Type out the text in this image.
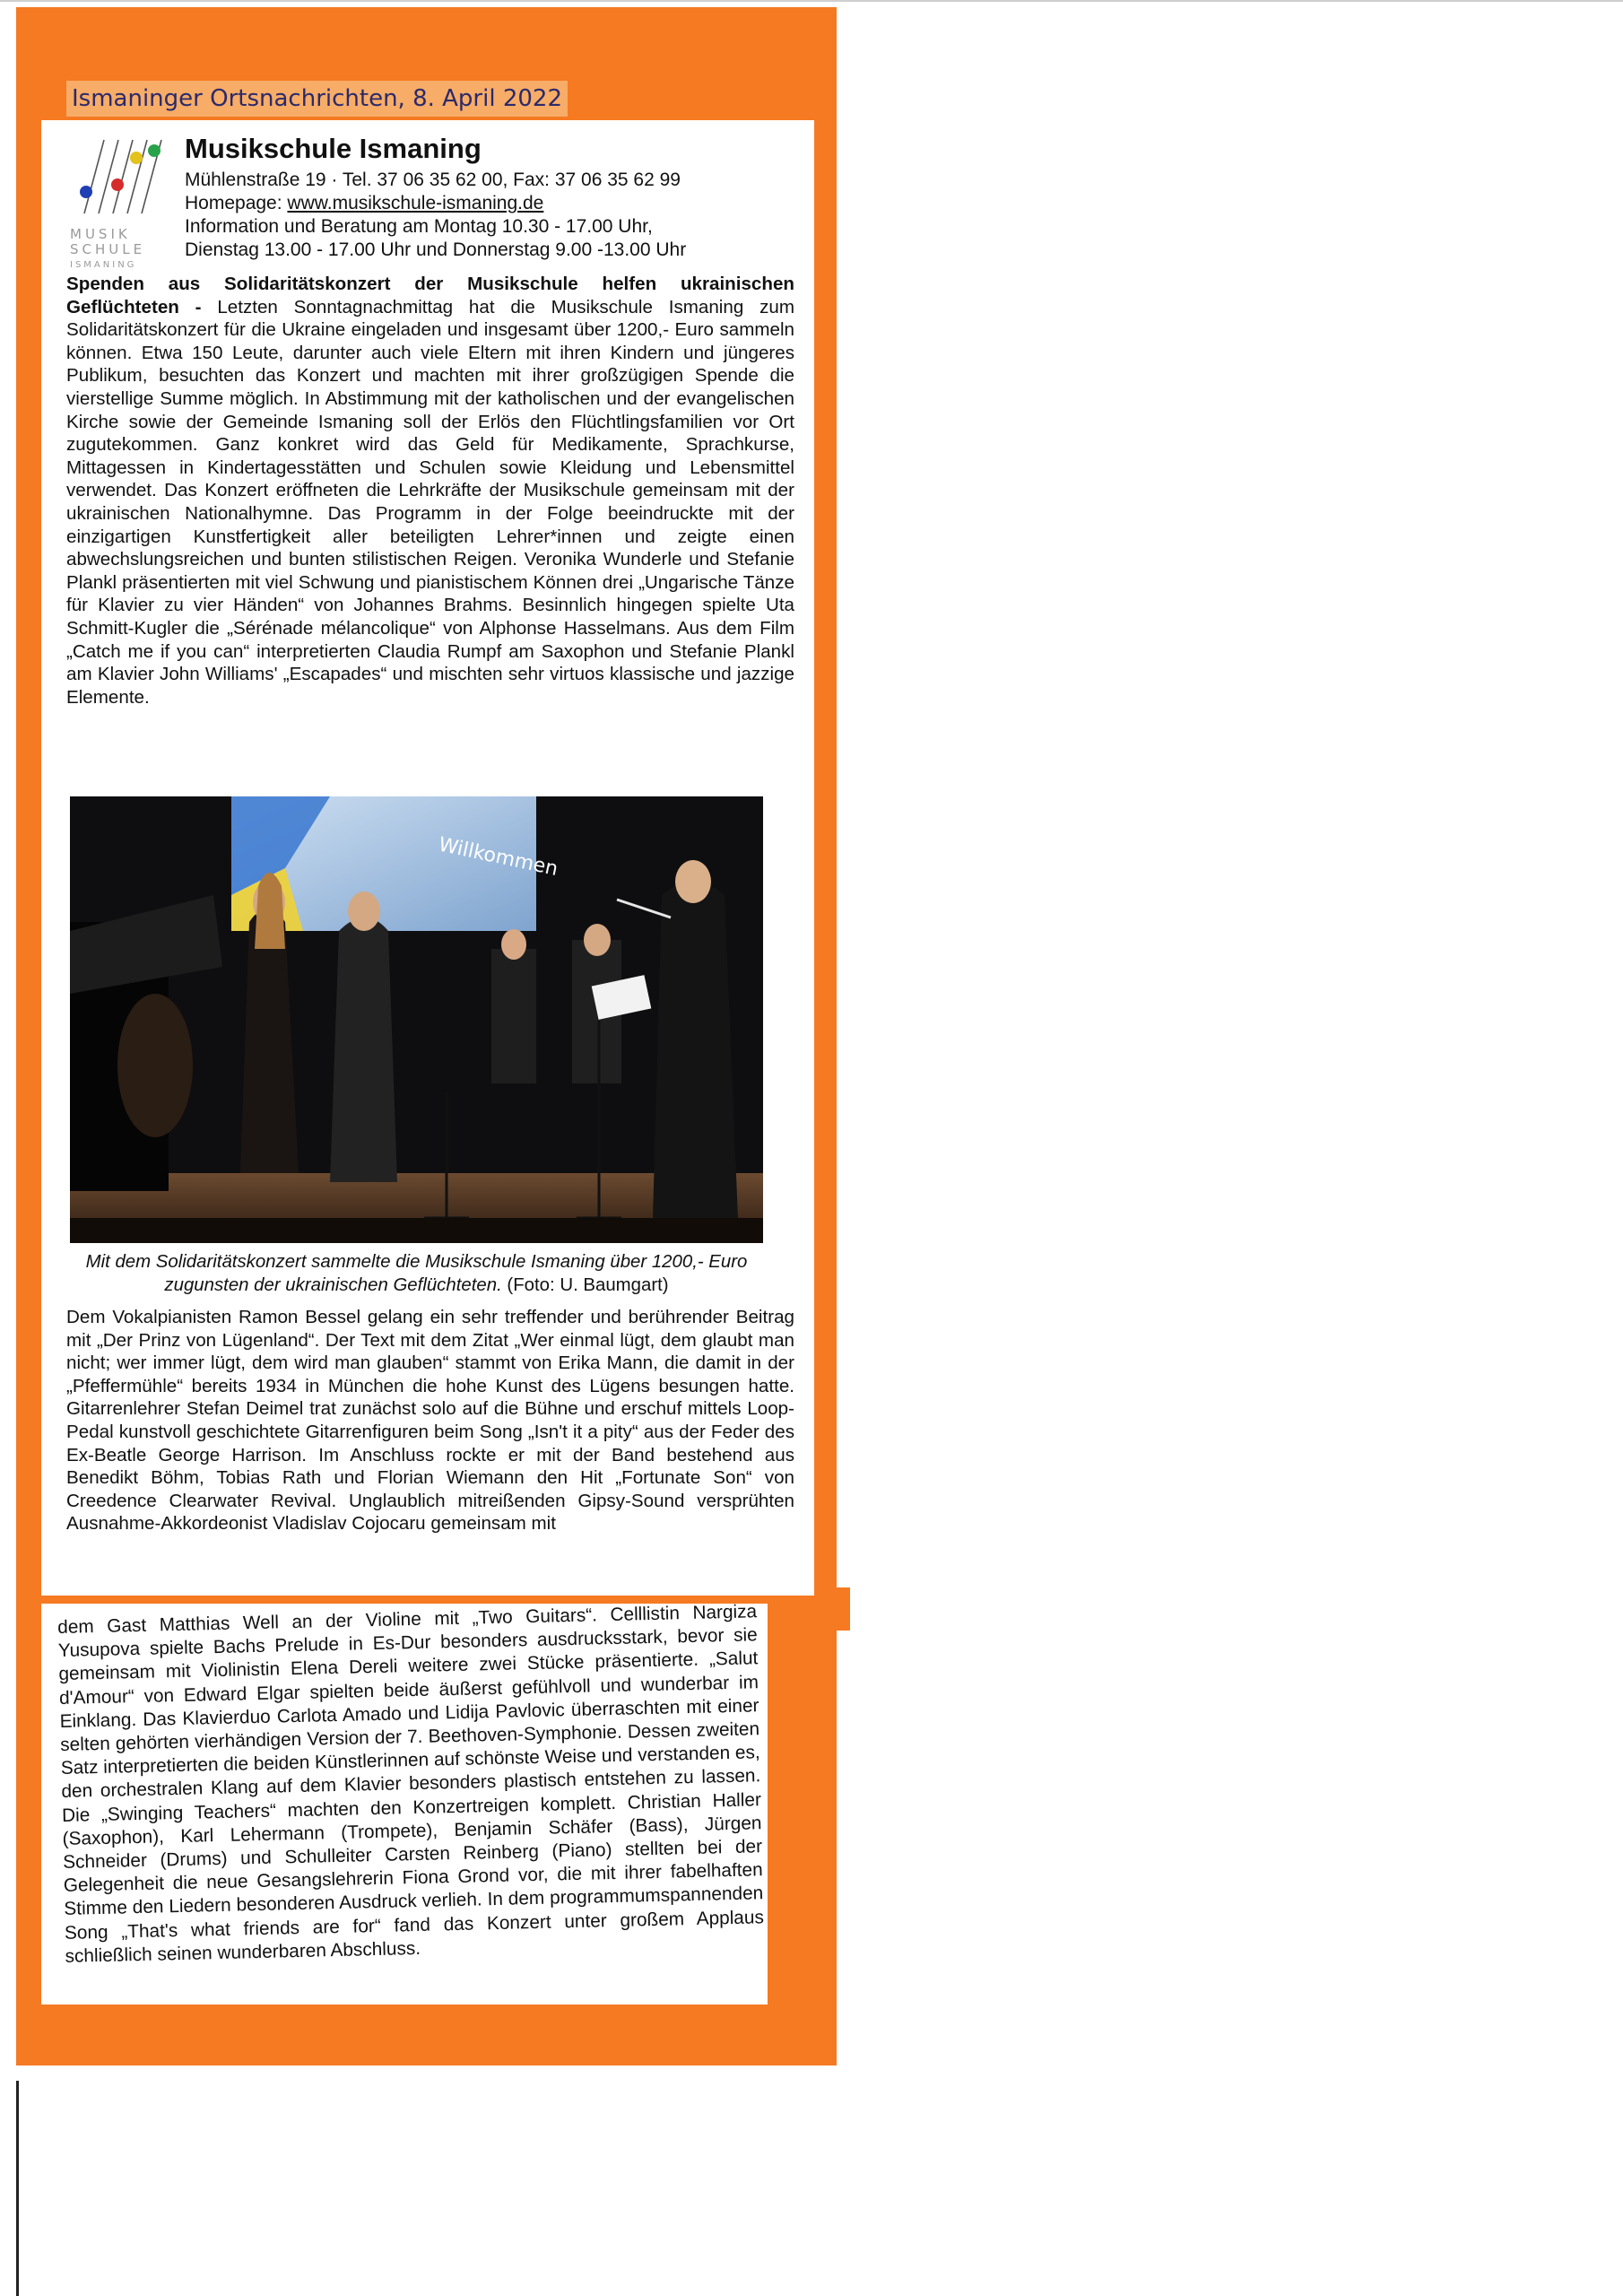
Ismaninger Ortsnachrichten, 8. April 2022
MUSIK
SCHULE
ISMANING
Musikschule Ismaning
Mühlenstraße 19 · Tel. 37 06 35 62 00, Fax: 37 06 35 62 99
Homepage: www.musikschule-ismaning.de
Information und Beratung am Montag 10.30 - 17.00 Uhr,
Dienstag 13.00 - 17.00 Uhr und Donnerstag 9.00 -13.00 Uhr
Spenden aus Solidaritätskonzert der Musikschule helfen ukrainischen Geflüchteten - Letzten Sonntagnachmittag hat die Musikschule Ismaning zum Solidaritätskonzert für die Ukraine eingeladen und insgesamt über 1200,- Euro sammeln können. Etwa 150 Leute, darunter auch viele Eltern mit ihren Kindern und jüngeres Publikum, besuchten das Konzert und machten mit ihrer großzügigen Spende die vierstellige Summe möglich. In Abstimmung mit der katholischen und der evangelischen Kirche sowie der Gemeinde Ismaning soll der Erlös den Flüchtlingsfamilien vor Ort zugutekommen. Ganz konkret wird das Geld für Medikamente, Sprachkurse, Mittagessen in Kindertagesstätten und Schulen sowie Kleidung und Lebensmittel verwendet. Das Konzert eröffneten die Lehrkräfte der Musikschule gemeinsam mit der ukrainischen Nationalhymne. Das Programm in der Folge beeindruckte mit der einzigartigen Kunstfertigkeit aller beteiligten Lehrer*innen und zeigte einen abwechslungsreichen und bunten stilistischen Reigen. Veronika Wunderle und Stefanie Plankl präsentierten mit viel Schwung und pianistischem Können drei „Ungarische Tänze für Klavier zu vier Händen“ von Johannes Brahms. Besinnlich hingegen spielte Uta Schmitt-Kugler die „Sérénade mélancolique“ von Alphonse Hasselmans. Aus dem Film „Catch me if you can“ interpretierten Claudia Rumpf am Saxophon und Stefanie Plankl am Klavier John Williams' „Escapades“ und mischten sehr virtuos klassische und jazzige Elemente.
Willkommen
Mit dem Solidaritätskonzert sammelte die Musikschule Ismaning über 1200,- Euro zugunsten der ukrainischen Geflüchteten. (Foto: U. Baumgart)
Dem Vokalpianisten Ramon Bessel gelang ein sehr treffender und berührender Beitrag mit „Der Prinz von Lügenland“. Der Text mit dem Zitat „Wer einmal lügt, dem glaubt man nicht; wer immer lügt, dem wird man glauben“ stammt von Erika Mann, die damit in der „Pfeffermühle“ bereits 1934 in München die hohe Kunst des Lügens besungen hatte. Gitarrenlehrer Stefan Deimel trat zunächst solo auf die Bühne und erschuf mittels Loop-Pedal kunstvoll geschichtete Gitarrenfiguren beim Song „Isn't it a pity“ aus der Feder des Ex-Beatle George Harrison. Im Anschluss rockte er mit der Band bestehend aus Benedikt Böhm, Tobias Rath und Florian Wiemann den Hit „Fortunate Son“ von Creedence Clearwater Revival. Unglaublich mitreißenden Gipsy-Sound versprühten Ausnahme-Akkordeonist Vladislav Cojocaru gemeinsam mit
dem Gast Matthias Well an der Violine mit „Two Guitars“. Celllistin Nargiza Yusupova spielte Bachs Prelude in Es-Dur besonders ausdrucksstark, bevor sie gemeinsam mit Violinistin Elena Dereli weitere zwei Stücke präsentierte. „Salut d'Amour“ von Edward Elgar spielten beide äußerst gefühlvoll und wunderbar im Einklang. Das Klavierduo Carlota Amado und Lidija Pavlovic überraschten mit einer selten gehörten vierhändigen Version der 7. Beethoven-Symphonie. Dessen zweiten Satz interpretierten die beiden Künstlerinnen auf schönste Weise und verstanden es, den orchestralen Klang auf dem Klavier besonders plastisch entstehen zu lassen. Die „Swinging Teachers“ machten den Konzertreigen komplett. Christian Haller (Saxophon), Karl Lehermann (Trompete), Benjamin Schäfer (Bass), Jürgen Schneider (Drums) und Schulleiter Carsten Reinberg (Piano) stellten bei der Gelegenheit die neue Gesangslehrerin Fiona Grond vor, die mit ihrer fabelhaften Stimme den Liedern besonderen Ausdruck verlieh. In dem programmumspannenden Song „That's what friends are for“ fand das Konzert unter großem Applaus schließlich seinen wunderbaren Abschluss.
